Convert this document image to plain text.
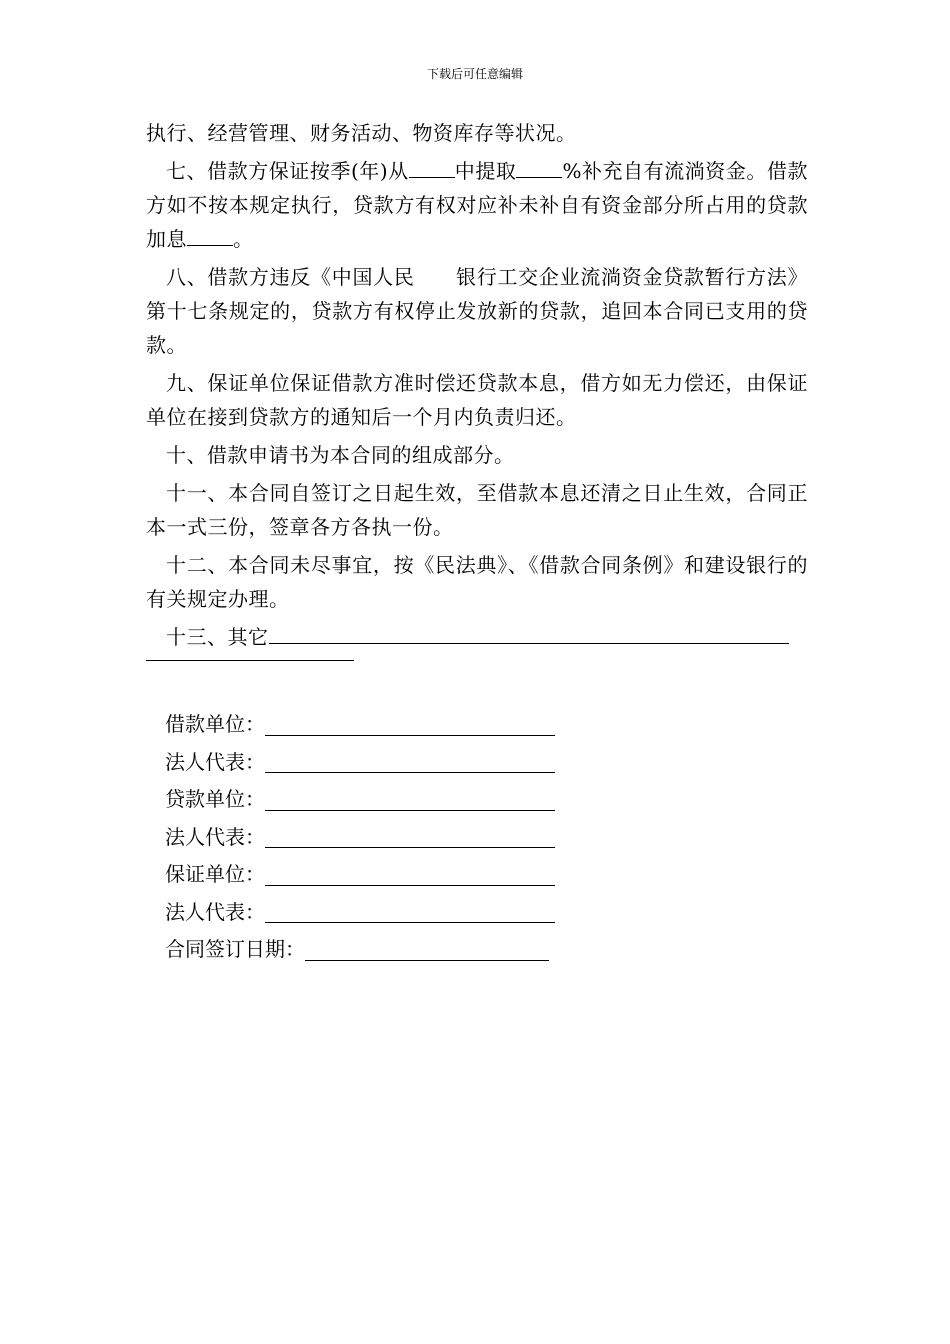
下载后可任意编辑

执行、经营管理、财务活动、物资库存等状况。

七、借款方保证按季(年)从 中提取 %补充自有流淌资金。借款方如不按本规定执行，贷款方有权对应补未补自有资金部分所占用的贷款加息 。

八、借款方违反《中国人民　　银行工交企业流淌资金贷款暂行方法》第十七条规定的，贷款方有权停止发放新的贷款，追回本合同已支用的贷款。

九、保证单位保证借款方准时偿还贷款本息，借方如无力偿还，由保证单位在接到贷款方的通知后一个月内负责归还。

十、借款申请书为本合同的组成部分。

十一、本合同自签订之日起生效，至借款本息还清之日止生效，合同正本一式三份，签章各方各执一份。

十二、本合同未尽事宜，按《民法典》、《借款合同条例》和建设银行的有关规定办理。

十三、其它

借款单位：
法人代表：
贷款单位：
法人代表：
保证单位：
法人代表：
合同签订日期：
